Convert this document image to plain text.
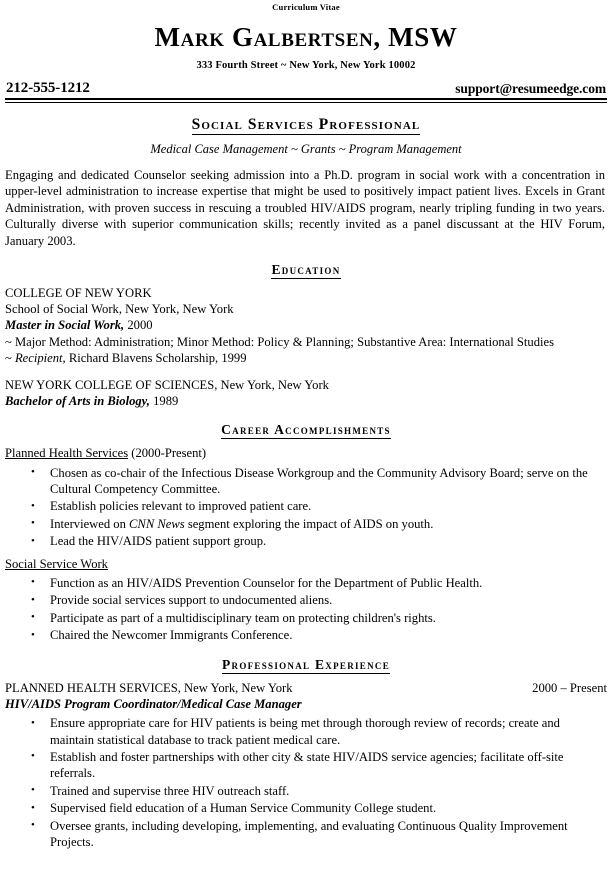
Curriculum Vitae
Mark Galbertsen, MSW
333 Fourth Street ~ New York, New York 10002
212-555-1212	support@resumeedge.com
Social Services Professional
Medical Case Management ~ Grants ~ Program Management
Engaging and dedicated Counselor seeking admission into a Ph.D. program in social work with a concentration in upper-level administration to increase expertise that might be used to positively impact patient lives. Excels in Grant Administration, with proven success in rescuing a troubled HIV/AIDS program, nearly tripling funding in two years. Culturally diverse with superior communication skills; recently invited as a panel discussant at the HIV Forum, January 2003.
Education
COLLEGE OF NEW YORK
School of Social Work, New York, New York
Master in Social Work, 2000
~ Major Method: Administration; Minor Method: Policy & Planning; Substantive Area: International Studies
~ Recipient, Richard Blavens Scholarship, 1999
NEW YORK COLLEGE OF SCIENCES, New York, New York
Bachelor of Arts in Biology, 1989
Career Accomplishments
Planned Health Services (2000-Present)
• Chosen as co-chair of the Infectious Disease Workgroup and the Community Advisory Board; serve on the Cultural Competency Committee.
• Establish policies relevant to improved patient care.
• Interviewed on CNN News segment exploring the impact of AIDS on youth.
• Lead the HIV/AIDS patient support group.
Social Service Work
• Function as an HIV/AIDS Prevention Counselor for the Department of Public Health.
• Provide social services support to undocumented aliens.
• Participate as part of a multidisciplinary team on protecting children's rights.
• Chaired the Newcomer Immigrants Conference.
Professional Experience
PLANNED HEALTH SERVICES, New York, New York	2000 – Present
HIV/AIDS Program Coordinator/Medical Case Manager
• Ensure appropriate care for HIV patients is being met through thorough review of records; create and maintain statistical database to track patient medical care.
• Establish and foster partnerships with other city & state HIV/AIDS service agencies; facilitate off-site referrals.
• Trained and supervise three HIV outreach staff.
• Supervised field education of a Human Service Community College student.
• Oversee grants, including developing, implementing, and evaluating Continuous Quality Improvement Projects.
